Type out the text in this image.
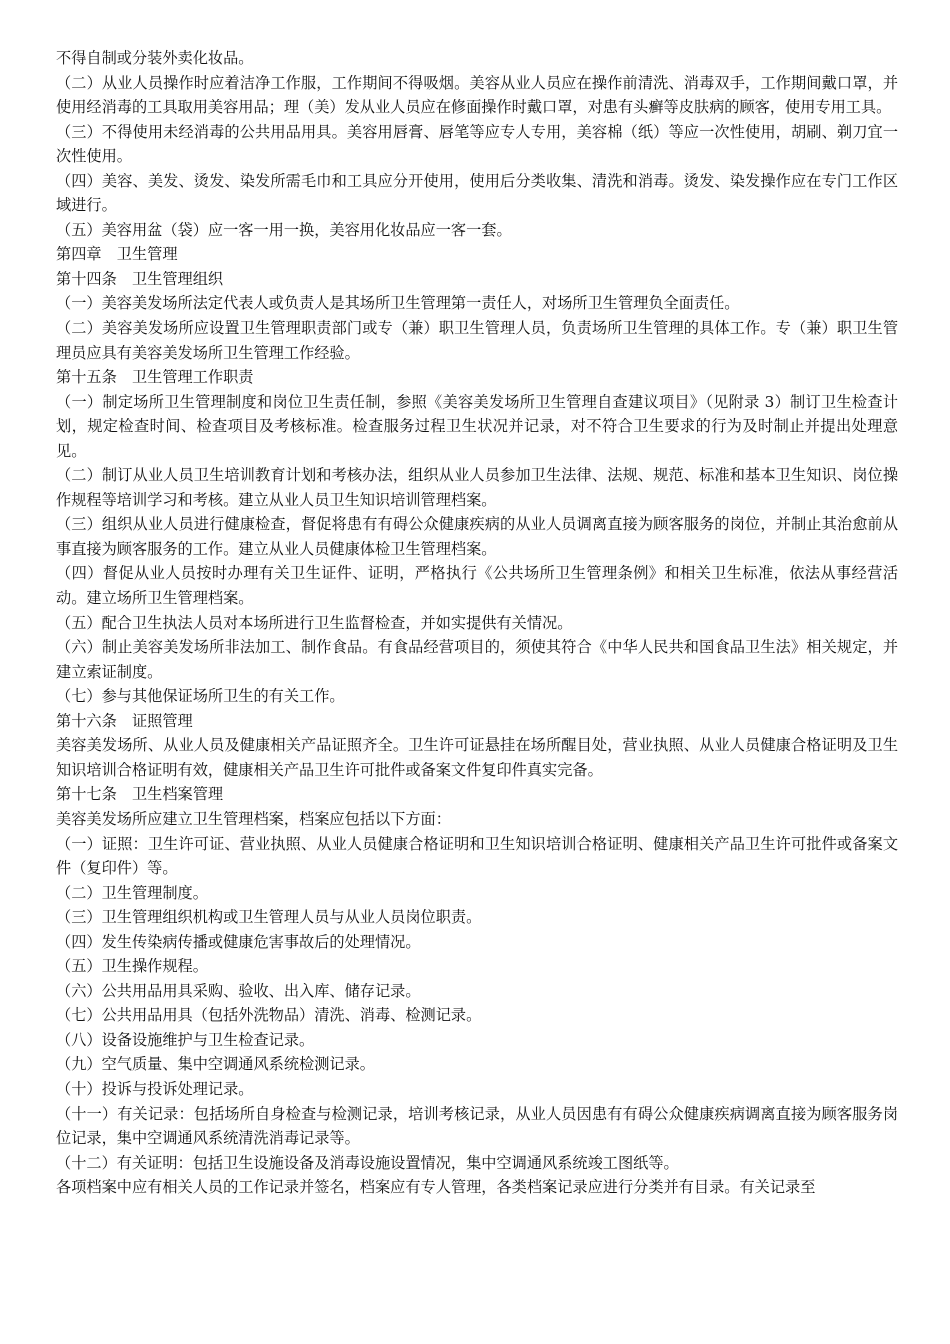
不得自制或分装外卖化妆品。

（二）从业人员操作时应着洁净工作服，工作期间不得吸烟。美容从业人员应在操作前清洗、消毒双手，工作期间戴口罩，并使用经消毒的工具取用美容用品；理（美）发从业人员应在修面操作时戴口罩，对患有头癣等皮肤病的顾客，使用专用工具。

（三）不得使用未经消毒的公共用品用具。美容用唇膏、唇笔等应专人专用，美容棉（纸）等应一次性使用，胡刷、剃刀宜一次性使用。

（四）美容、美发、烫发、染发所需毛巾和工具应分开使用，使用后分类收集、清洗和消毒。烫发、染发操作应在专门工作区域进行。

（五）美容用盆（袋）应一客一用一换，美容用化妆品应一客一套。

第四章　卫生管理

第十四条　卫生管理组织

（一）美容美发场所法定代表人或负责人是其场所卫生管理第一责任人，对场所卫生管理负全面责任。

（二）美容美发场所应设置卫生管理职责部门或专（兼）职卫生管理人员，负责场所卫生管理的具体工作。专（兼）职卫生管理员应具有美容美发场所卫生管理工作经验。

第十五条　卫生管理工作职责

（一）制定场所卫生管理制度和岗位卫生责任制，参照《美容美发场所卫生管理自查建议项目》（见附录 3）制订卫生检查计划，规定检查时间、检查项目及考核标准。检查服务过程卫生状况并记录，对不符合卫生要求的行为及时制止并提出处理意见。

（二）制订从业人员卫生培训教育计划和考核办法，组织从业人员参加卫生法律、法规、规范、标准和基本卫生知识、岗位操作规程等培训学习和考核。建立从业人员卫生知识培训管理档案。

（三）组织从业人员进行健康检查，督促将患有有碍公众健康疾病的从业人员调离直接为顾客服务的岗位，并制止其治愈前从事直接为顾客服务的工作。建立从业人员健康体检卫生管理档案。

（四）督促从业人员按时办理有关卫生证件、证明，严格执行《公共场所卫生管理条例》和相关卫生标准，依法从事经营活动。建立场所卫生管理档案。

（五）配合卫生执法人员对本场所进行卫生监督检查，并如实提供有关情况。

（六）制止美容美发场所非法加工、制作食品。有食品经营项目的，须使其符合《中华人民共和国食品卫生法》相关规定，并建立索证制度。

（七）参与其他保证场所卫生的有关工作。

第十六条　证照管理

美容美发场所、从业人员及健康相关产品证照齐全。卫生许可证悬挂在场所醒目处，营业执照、从业人员健康合格证明及卫生知识培训合格证明有效，健康相关产品卫生许可批件或备案文件复印件真实完备。

第十七条　卫生档案管理

美容美发场所应建立卫生管理档案，档案应包括以下方面：

（一）证照：卫生许可证、营业执照、从业人员健康合格证明和卫生知识培训合格证明、健康相关产品卫生许可批件或备案文件（复印件）等。

（二）卫生管理制度。

（三）卫生管理组织机构或卫生管理人员与从业人员岗位职责。

（四）发生传染病传播或健康危害事故后的处理情况。

（五）卫生操作规程。

（六）公共用品用具采购、验收、出入库、储存记录。

（七）公共用品用具（包括外洗物品）清洗、消毒、检测记录。

（八）设备设施维护与卫生检查记录。

（九）空气质量、集中空调通风系统检测记录。

（十）投诉与投诉处理记录。

（十一）有关记录：包括场所自身检查与检测记录，培训考核记录，从业人员因患有有碍公众健康疾病调离直接为顾客服务岗位记录，集中空调通风系统清洗消毒记录等。

（十二）有关证明：包括卫生设施设备及消毒设施设置情况，集中空调通风系统竣工图纸等。

各项档案中应有相关人员的工作记录并签名，档案应有专人管理，各类档案记录应进行分类并有目录。有关记录至
